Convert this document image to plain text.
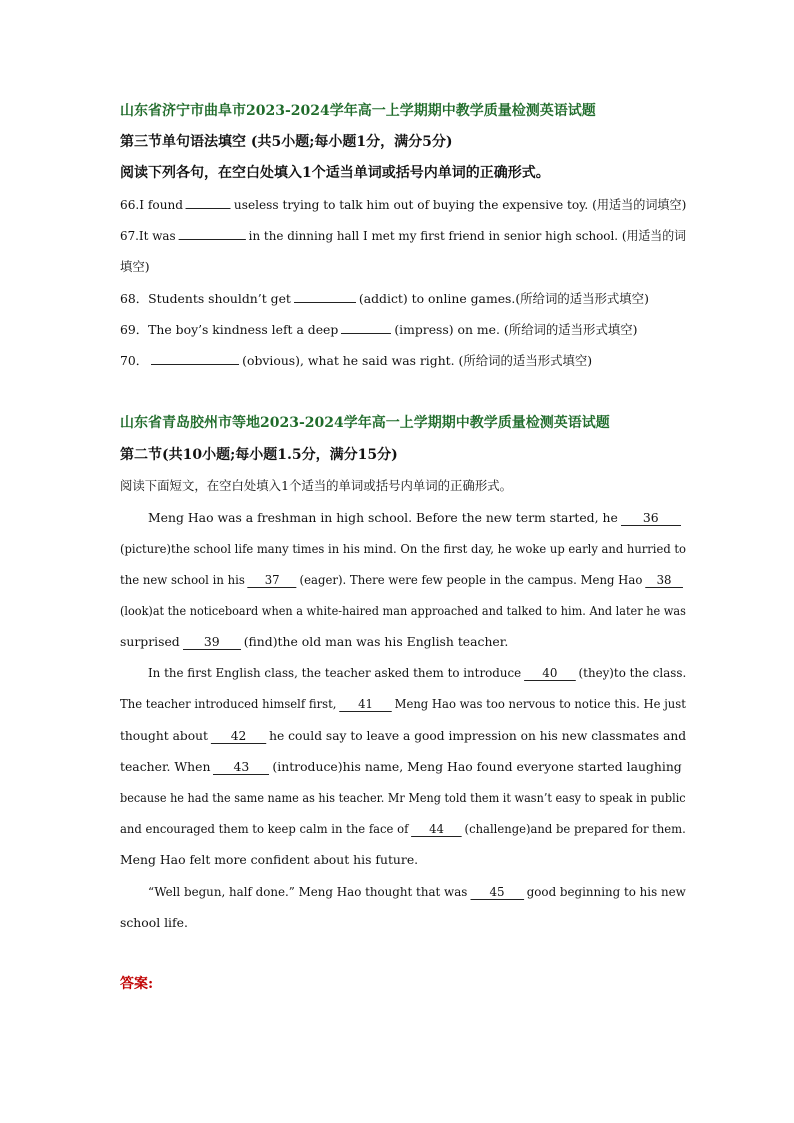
山东省济宁市曲阜市2023-2024学年高一上学期期中教学质量检测英语试题
第三节单句语法填空 (共5小题;每小题1分，满分5分)
阅读下列各句，在空白处填入1个适当单词或括号内单词的正确形式。
66.I found	useless trying to talk him out of buying the expensive toy. (用适当的词填空)
67.It was	in the dinning hall I met my first friend in senior high school. (用适当的词
填空)
68．Students shouldn’t get	(addict) to online games.(所给词的适当形式填空)
69．The boy’s kindness left a deep	(impress) on me. (所给词的适当形式填空)
70．	(obvious), what he said was right. (所给词的适当形式填空)
山东省青岛胶州市等地2023-2024学年高一上学期期中教学质量检测英语试题
第二节(共10小题;每小题1.5分，满分15分)
阅读下面短文，在空白处填入1个适当的单词或括号内单词的正确形式。
Meng Hao was a freshman in high school. Before the new term started, he 36
(picture)the school life many times in his mind. On the first day, he woke up early and hurried to
the new school in his 37 (eager). There were few people in the campus. Meng Hao 38
(look)at the noticeboard when a white-haired man approached and talked to him. And later he was
surprised 39 (find)the old man was his English teacher.
In the first English class, the teacher asked them to introduce 40 (they)to the class.
The teacher introduced himself first, 41 Meng Hao was too nervous to notice this. He just
thought about 42 he could say to leave a good impression on his new classmates and
teacher. When 43 (introduce)his name, Meng Hao found everyone started laughing
because he had the same name as his teacher. Mr Meng told them it wasn’t easy to speak in public
and encouraged them to keep calm in the face of 44 (challenge)and be prepared for them.
Meng Hao felt more confident about his future.
“Well begun, half done.” Meng Hao thought that was 45 good beginning to his new
school life.
答案:
